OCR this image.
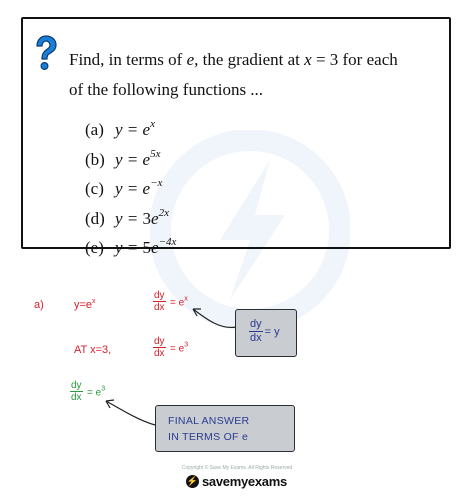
Find, in terms of e, the gradient at x = 3 for each
of the following functions ...
(a) $y = e^x$
(b) $y = e^{5x}$
(c) $y = e^{-x}$
(d) $y = 3e^{2x}$
(e) $y = 5e^{-4x}$
a)	$y=e^x$	$\frac{dy}{dx} = e^x$
AT x=3,	$\frac{dy}{dx} = e^3$
$\frac{dy}{dx} = e^3$
$\frac{dy}{dx} = y$
FINAL ANSWER
IN TERMS OF e
Copyright © Save My Exams. All Rights Reserved
⚡ savemyexams
